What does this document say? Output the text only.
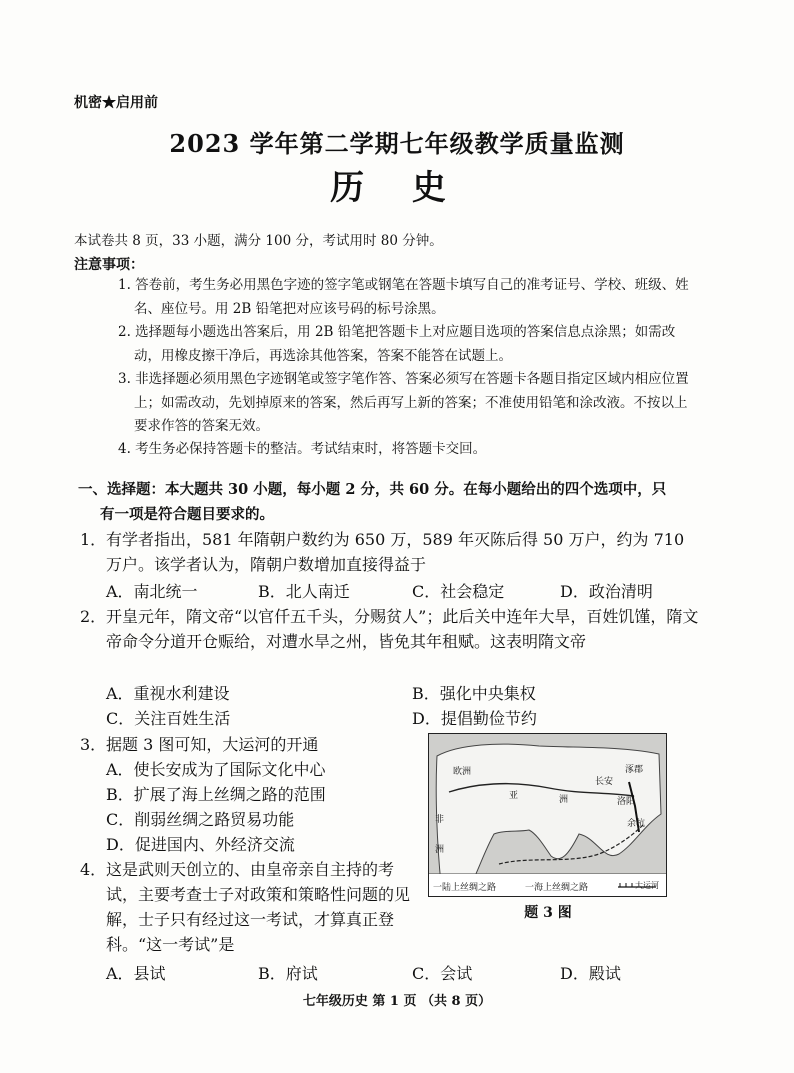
机密★启用前
2023 学年第二学期七年级教学质量监测
历 史
本试卷共 8 页，33 小题，满分 100 分，考试用时 80 分钟。
注意事项：
1. 答卷前，考生务必用黑色字迹的签字笔或钢笔在答题卡填写自己的准考证号、学校、班级、姓名、座位号。用 2B 铅笔把对应该号码的标号涂黑。
2. 选择题每小题选出答案后，用 2B 铅笔把答题卡上对应题目选项的答案信息点涂黑；如需改动，用橡皮擦干净后，再选涂其他答案，答案不能答在试题上。
3. 非选择题必须用黑色字迹钢笔或签字笔作答、答案必须写在答题卡各题目指定区域内相应位置上；如需改动，先划掉原来的答案，然后再写上新的答案；不准使用铅笔和涂改液。不按以上要求作答的答案无效。
4. 考生务必保持答题卡的整洁。考试结束时，将答题卡交回。
一、选择题：本大题共 30 小题，每小题 2 分，共 60 分。在每小题给出的四个选项中，只
有一项是符合题目要求的。
1． 有学者指出，581 年隋朝户数约为 650 万，589 年灭陈后得 50 万户，约为 710 万户。该学者认为，隋朝户数增加直接得益于
A．南北统一	B．北人南迁	C．社会稳定	D．政治清明
2． 开皇元年，隋文帝“以官仟五千头，分赐贫人”；此后关中连年大旱，百姓饥馑，隋文帝命令分道开仓赈给，对遭水旱之州，皆免其年租赋。这表明隋文帝
A．重视水利建设	B．强化中央集权
C．关注百姓生活	D．提倡勤俭节约
3． 据题 3 图可知，大运河的开通
A．使长安成为了国际文化中心
B．扩展了海上丝绸之路的范围
C．削弱丝绸之路贸易功能
D．促进国内、外经济交流
一陆上丝绸之路	一海上丝绸之路	大运河
欧洲
亚	洲
非
洲
长安
洛阳
涿郡
余杭
题 3 图
4． 这是武则天创立的、由皇帝亲自主持的考试，主要考查士子对政策和策略性问题的见解，士子只有经过这一考试，才算真正登科。“这一考试”是
A．县试	B．府试	C．会试	D．殿试
七年级历史 第 1 页 （共 8 页）
